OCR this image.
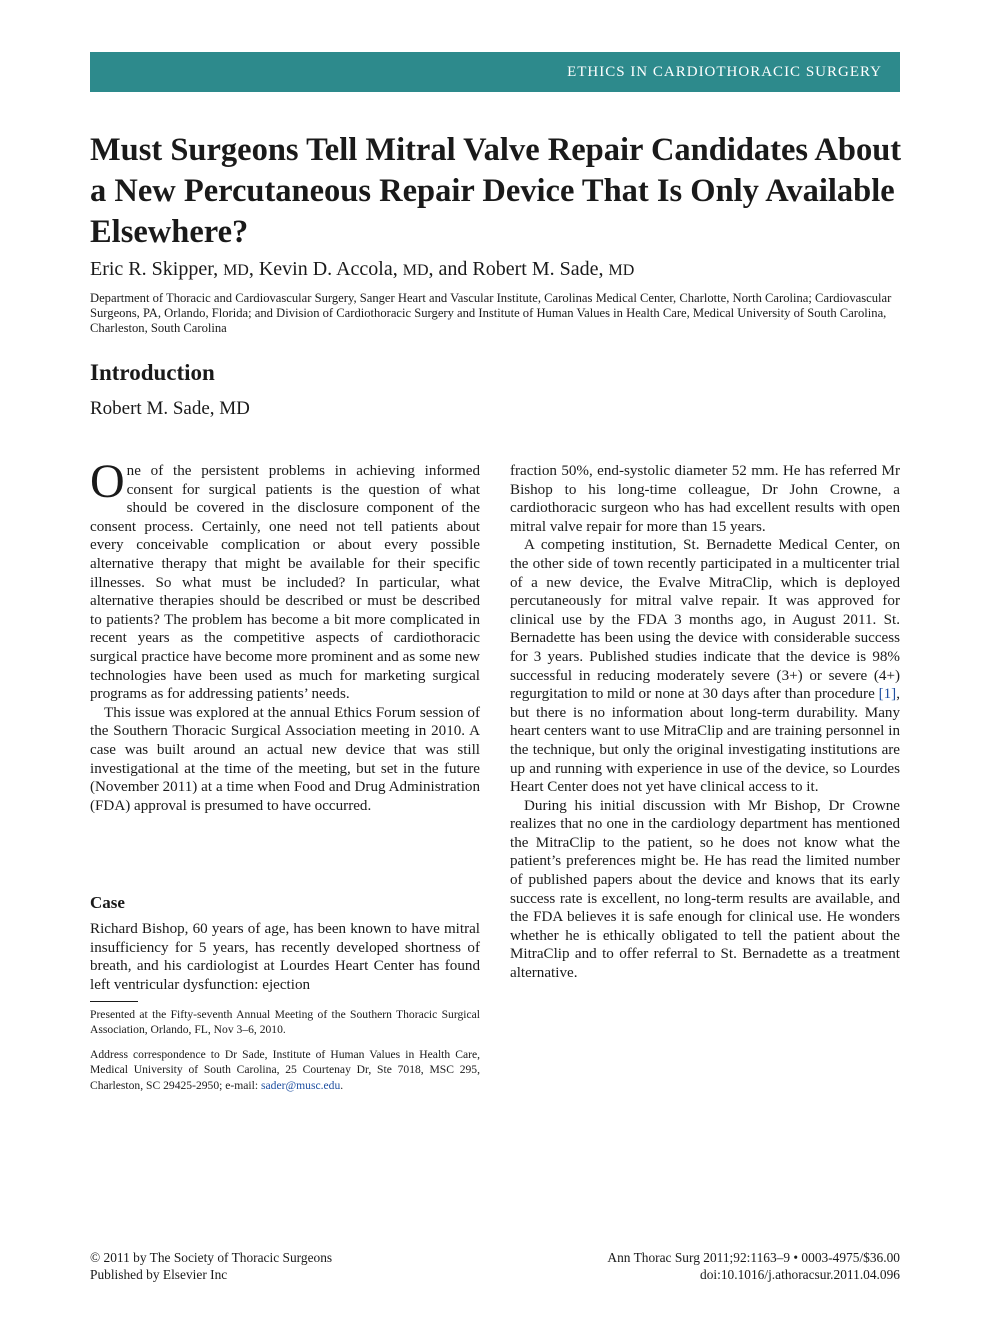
ETHICS IN CARDIOTHORACIC SURGERY
Must Surgeons Tell Mitral Valve Repair Candidates About a New Percutaneous Repair Device That Is Only Available Elsewhere?

Eric R. Skipper, MD, Kevin D. Accola, MD, and Robert M. Sade, MD

Department of Thoracic and Cardiovascular Surgery, Sanger Heart and Vascular Institute, Carolinas Medical Center, Charlotte, North Carolina; Cardiovascular Surgeons, PA, Orlando, Florida; and Division of Cardiothoracic Surgery and Institute of Human Values in Health Care, Medical University of South Carolina, Charleston, South Carolina

Introduction

Robert M. Sade, MD

One of the persistent problems in achieving informed consent for surgical patients is the question of what should be covered in the disclosure component of the consent process. Certainly, one need not tell patients about every conceivable complication or about every possible alternative therapy that might be available for their specific illnesses. So what must be included? In particular, what alternative therapies should be described or must be described to patients? The problem has become a bit more complicated in recent years as the competitive aspects of cardiothoracic surgical practice have become more prominent and as some new technologies have been used as much for marketing surgical programs as for addressing patients’ needs.

This issue was explored at the annual Ethics Forum session of the Southern Thoracic Surgical Association meeting in 2010. A case was built around an actual new device that was still investigational at the time of the meeting, but set in the future (November 2011) at a time when Food and Drug Administration (FDA) approval is presumed to have occurred.

Case

Richard Bishop, 60 years of age, has been known to have mitral insufficiency for 5 years, has recently developed shortness of breath, and his cardiologist at Lourdes Heart Center has found left ventricular dysfunction: ejection

Presented at the Fifty-seventh Annual Meeting of the Southern Thoracic Surgical Association, Orlando, FL, Nov 3–6, 2010.

Address correspondence to Dr Sade, Institute of Human Values in Health Care, Medical University of South Carolina, 25 Courtenay Dr, Ste 7018, MSC 295, Charleston, SC 29425-2950; e-mail: sader@musc.edu.

fraction 50%, end-systolic diameter 52 mm. He has referred Mr Bishop to his long-time colleague, Dr John Crowne, a cardiothoracic surgeon who has had excellent results with open mitral valve repair for more than 15 years.

A competing institution, St. Bernadette Medical Center, on the other side of town recently participated in a multicenter trial of a new device, the Evalve MitraClip, which is deployed percutaneously for mitral valve repair. It was approved for clinical use by the FDA 3 months ago, in August 2011. St. Bernadette has been using the device with considerable success for 3 years. Published studies indicate that the device is 98% successful in reducing moderately severe (3+) or severe (4+) regurgitation to mild or none at 30 days after than procedure [1], but there is no information about long-term durability. Many heart centers want to use MitraClip and are training personnel in the technique, but only the original investigating institutions are up and running with experience in use of the device, so Lourdes Heart Center does not yet have clinical access to it.

During his initial discussion with Mr Bishop, Dr Crowne realizes that no one in the cardiology department has mentioned the MitraClip to the patient, so he does not know what the patient’s preferences might be. He has read the limited number of published papers about the device and knows that its early success rate is excellent, no long-term results are available, and the FDA believes it is safe enough for clinical use. He wonders whether he is ethically obligated to tell the patient about the MitraClip and to offer referral to St. Bernadette as a treatment alternative.

© 2011 by The Society of Thoracic Surgeons
Published by Elsevier Inc
Ann Thorac Surg 2011;92:1163–9 • 0003-4975/$36.00
doi:10.1016/j.athoracsur.2011.04.096
